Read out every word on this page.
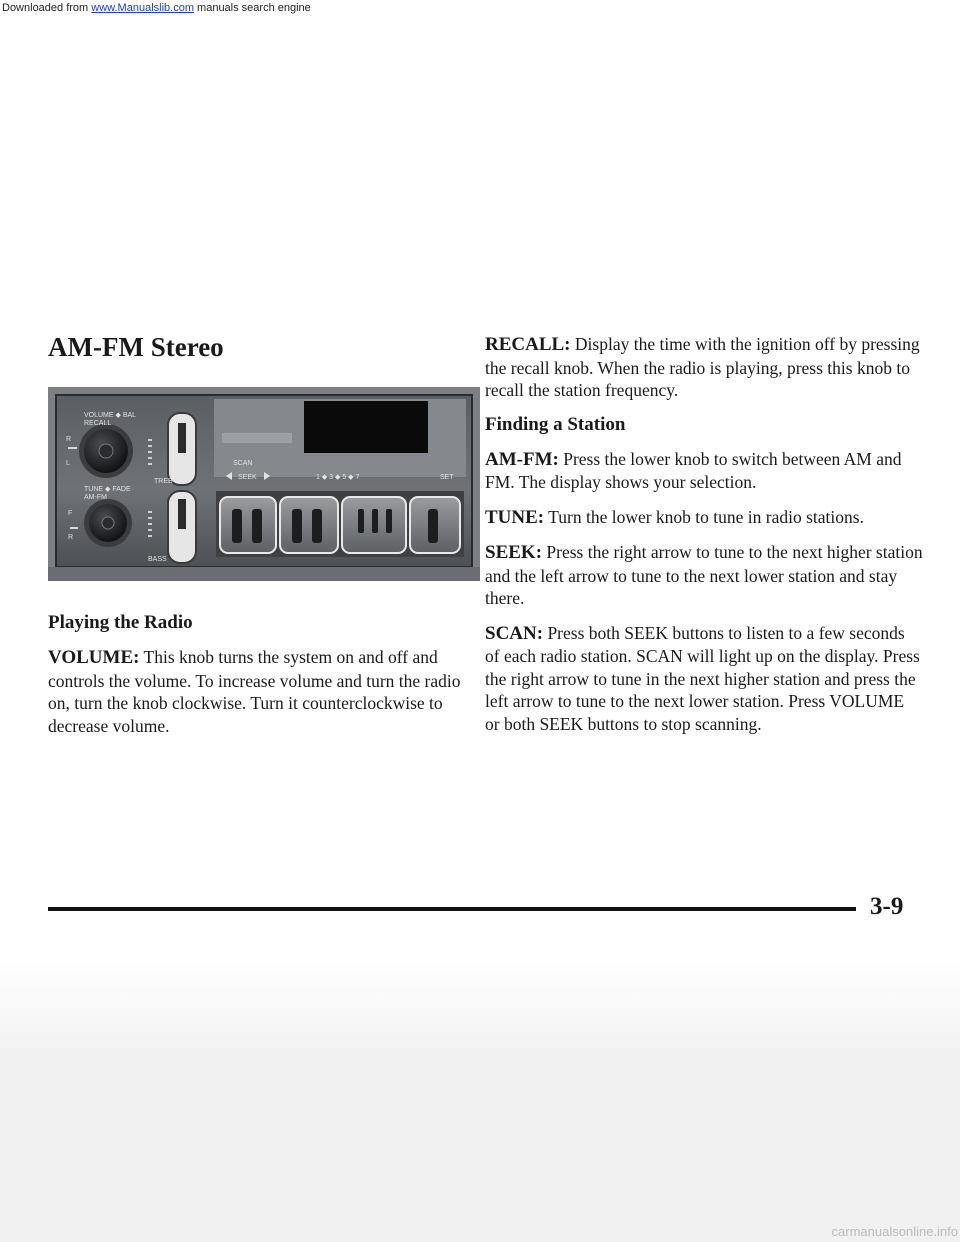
Downloaded from www.Manualslib.com manuals search engine
carmanualsonline.info
AM-FM Stereo
VOLUME ◆ BAL
RECALL
TREB
TUNE ◆ FADE
AM-FM
BASS
SCAN
SEEK	1 ◆ 3 ◆ 5 ◆ 7	SET
R
L
F
R
Playing the Radio

VOLUME: This knob turns the system on and off and controls the volume. To increase volume and turn the radio on, turn the knob clockwise. Turn it counterclockwise to decrease volume.

RECALL: Display the time with the ignition off by pressing the recall knob. When the radio is playing, press this knob to recall the station frequency.

Finding a Station

AM-FM: Press the lower knob to switch between AM and FM. The display shows your selection.

TUNE: Turn the lower knob to tune in radio stations.

SEEK: Press the right arrow to tune to the next higher station and the left arrow to tune to the next lower station and stay there.

SCAN: Press both SEEK buttons to listen to a few seconds of each radio station. SCAN will light up on the display. Press the right arrow to tune in the next higher station and press the left arrow to tune to the next lower station. Press VOLUME or both SEEK buttons to stop scanning.

3-9
